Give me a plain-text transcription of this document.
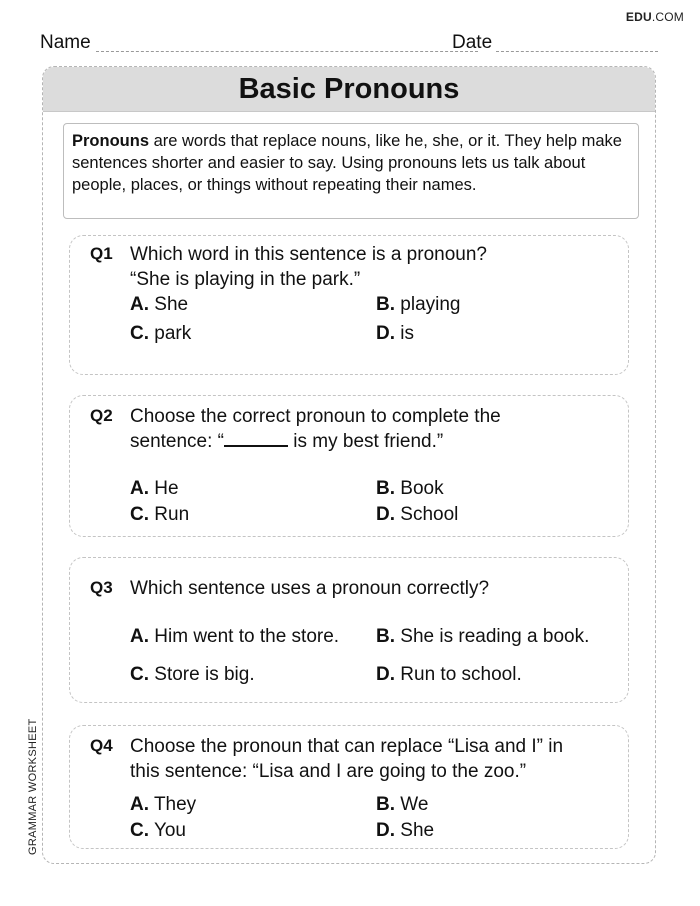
EDU.COM
Name	Date
Basic Pronouns
Pronouns are words that replace nouns, like he, she, or it. They help make sentences shorter and easier to say. Using pronouns lets us talk about people, places, or things without repeating their names.
Q1 Which word in this sentence is a pronoun?
“She is playing in the park.”
A. She	B. playing
C. park	D. is
Q2 Choose the correct pronoun to complete the
sentence: “	is my best friend.”
A. He	B. Book
C. Run	D. School
Q3 Which sentence uses a pronoun correctly?
A. Him went to the store. B. She is reading a book.
C. Store is big.	D. Run to school.
Q4 Choose the pronoun that can replace “Lisa and I” in
this sentence: “Lisa and I are going to the zoo.”
A. They	B. We
C. You	D. She
GRAMMAR WORKSHEET
